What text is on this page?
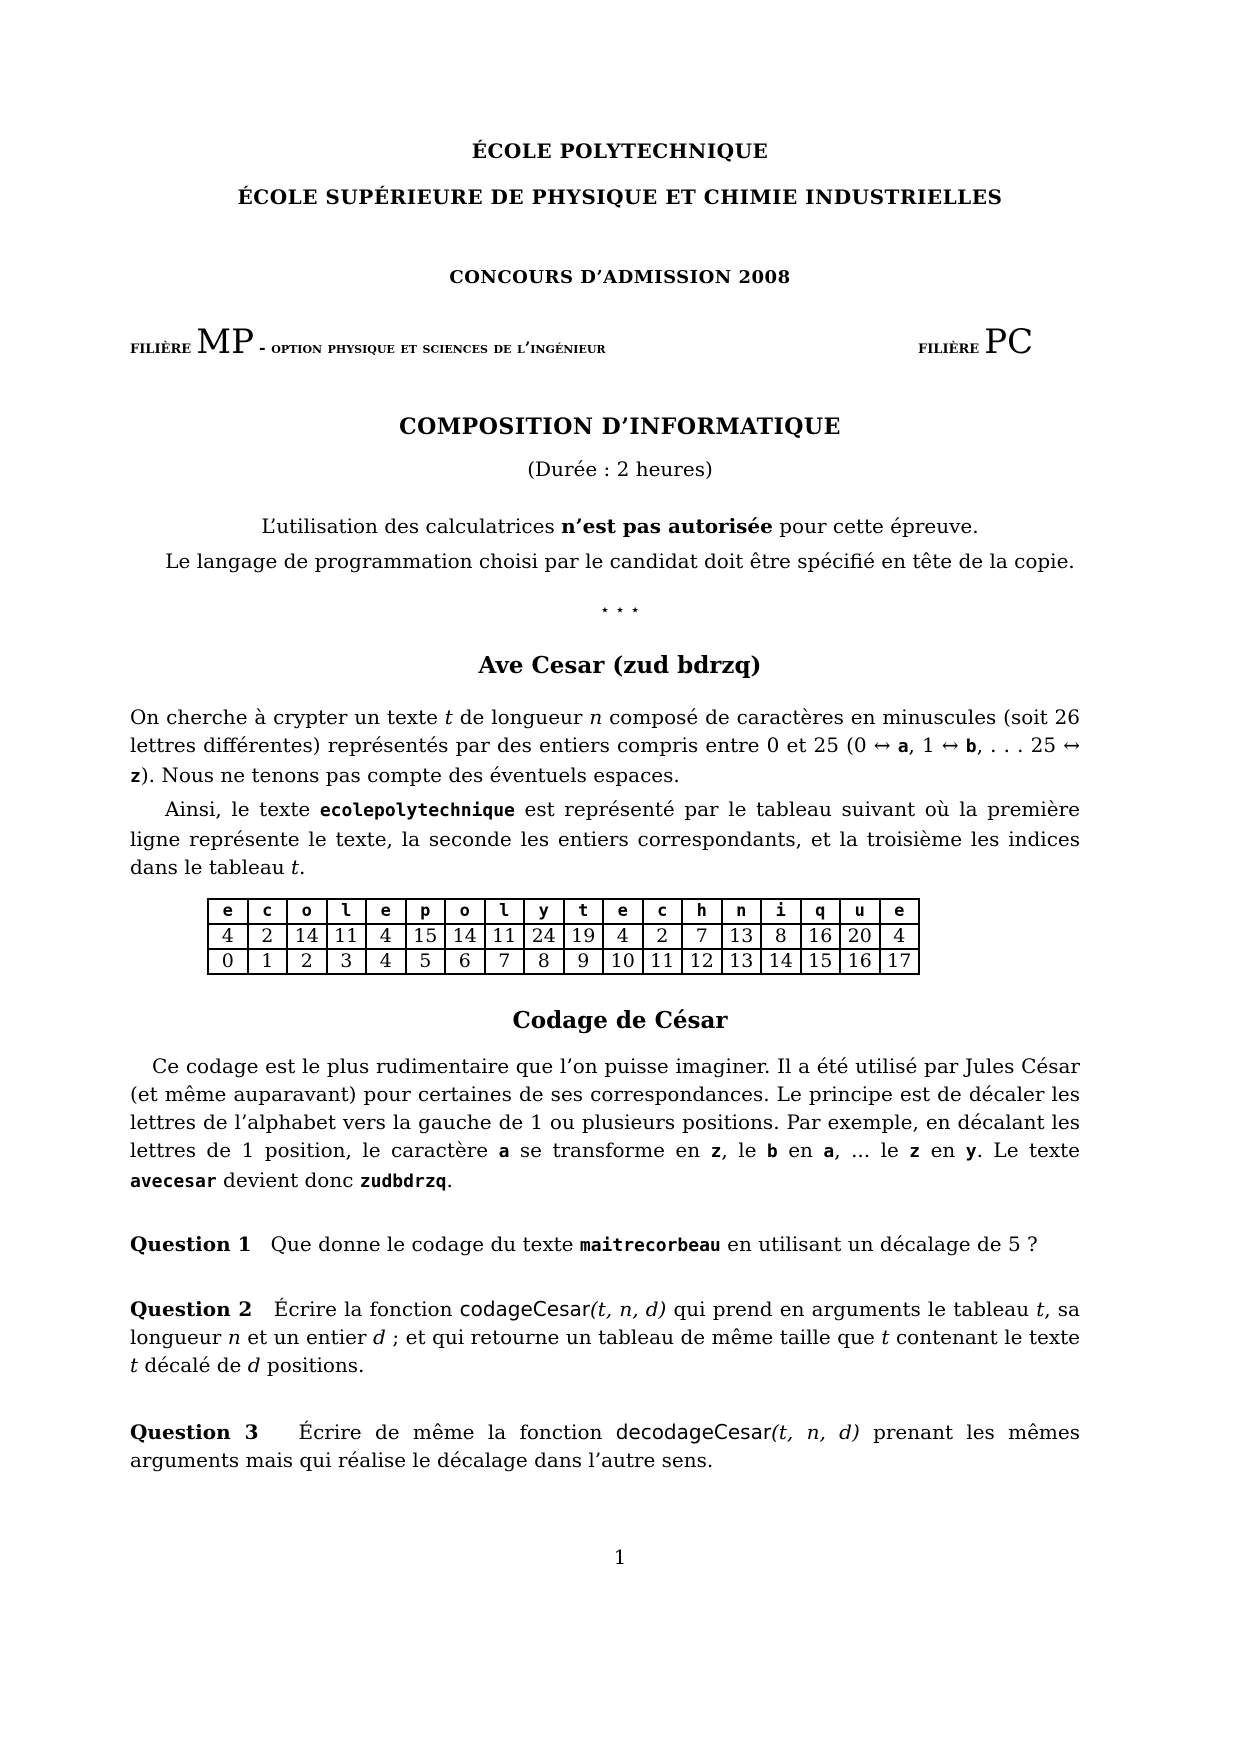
ÉCOLE POLYTECHNIQUE
ÉCOLE SUPÉRIEURE DE PHYSIQUE ET CHIMIE INDUSTRIELLES
CONCOURS D’ADMISSION 2008
filière MP - option physique et sciences de l’ingénieur	filière PC
COMPOSITION D’INFORMATIQUE
(Durée : 2 heures)
L’utilisation des calculatrices n’est pas autorisée pour cette épreuve.
Le langage de programmation choisi par le candidat doit être spécifié en tête de la copie.
⋆ ⋆ ⋆
Ave Cesar (zud bdrzq)
On cherche à crypter un texte t de longueur n composé de caractères en minuscules (soit 26 lettres différentes) représentés par des entiers compris entre 0 et 25 (0 ↔ a, 1 ↔ b, . . . 25 ↔ z). Nous ne tenons pas compte des éventuels espaces.
Ainsi, le texte ecolepolytechnique est représenté par le tableau suivant où la première ligne représente le texte, la seconde les entiers correspondants, et la troisième les indices dans le tableau t.
e	c	o	l	e	p	o	l	y	t	e	c	h	n	i	q	u	e
4	2	14	11	4	15	14	11	24	19	4	2	7	13	8	16	20	4
0	1	2	3	4	5	6	7	8	9	10	11	12	13	14	15	16	17
Codage de César
Ce codage est le plus rudimentaire que l’on puisse imaginer. Il a été utilisé par Jules César (et même auparavant) pour certaines de ses correspondances. Le principe est de décaler les lettres de l’alphabet vers la gauche de 1 ou plusieurs positions. Par exemple, en décalant les lettres de 1 position, le caractère a se transforme en z, le b en a, ... le z en y. Le texte avecesar devient donc zudbdrzq.
Question 1 Que donne le codage du texte maitrecorbeau en utilisant un décalage de 5 ?
Question 2 Écrire la fonction codageCesar(t, n, d) qui prend en arguments le tableau t, sa longueur n et un entier d ; et qui retourne un tableau de même taille que t contenant le texte t décalé de d positions.
Question 3 Écrire de même la fonction decodageCesar(t, n, d) prenant les mêmes arguments mais qui réalise le décalage dans l’autre sens.
1
